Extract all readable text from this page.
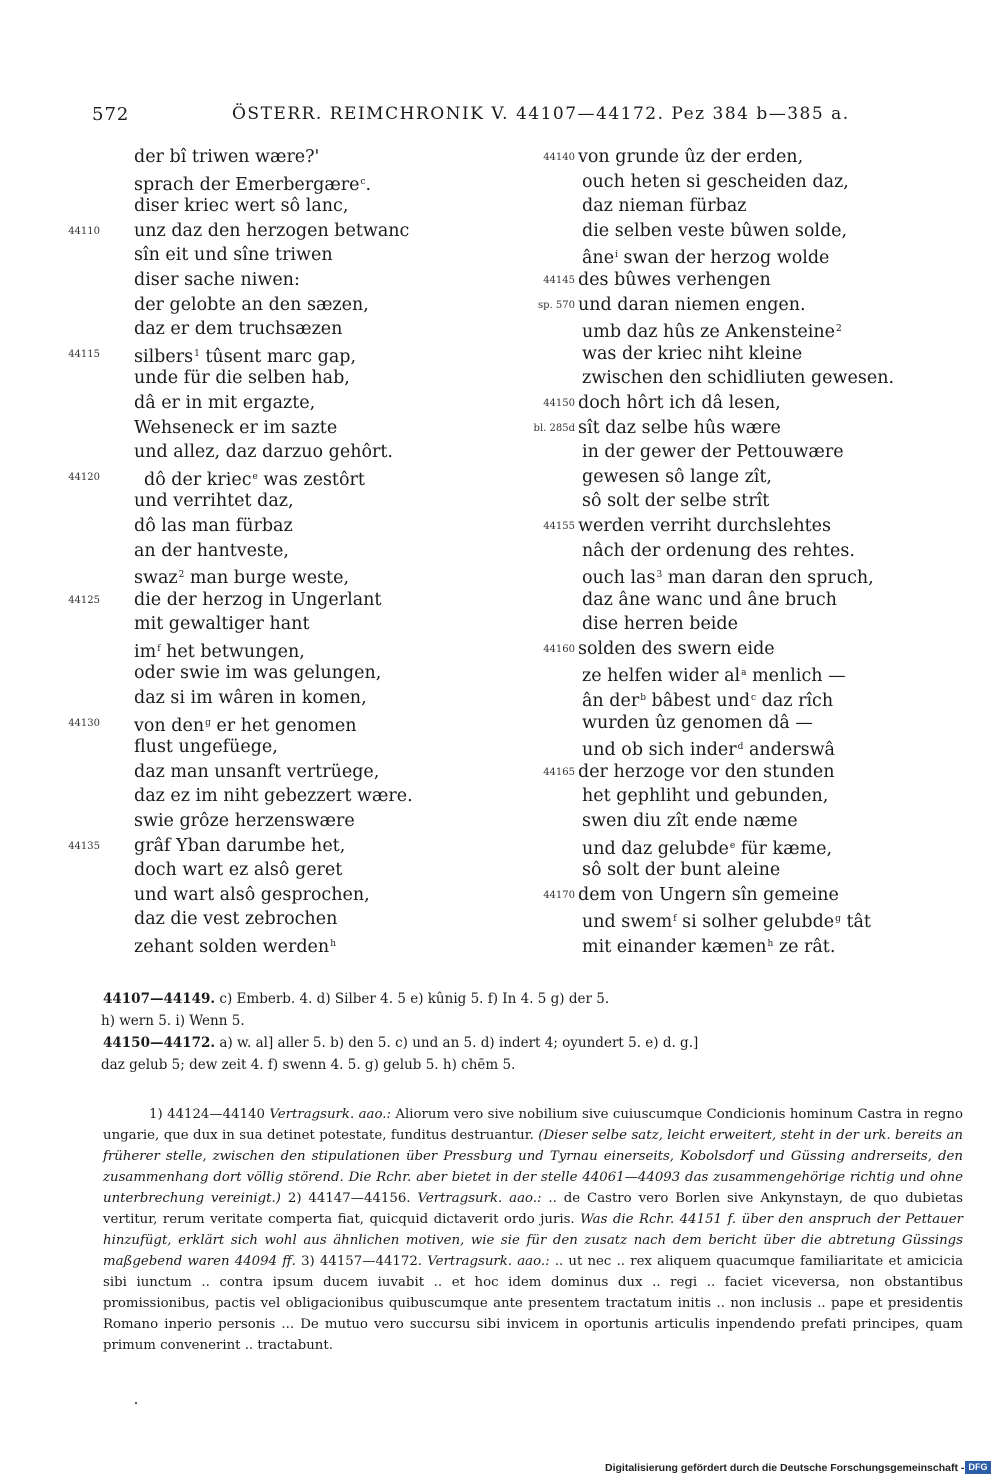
572	ÖSTERR. REIMCHRONIK V. 44107—44172. Pez 384 b—385 a.
der bî triwen wære?'
sprach der Emerbergære$^c$.
diser kriec wert sô lanc,
44110 unz daz den herzogen betwanc
sîn eit und sîne triwen
diser sache niwen:
der gelobte an den sæzen,
daz er dem truchsæzen
44115 silbers$^1$ tûsent marc gap,
unde für die selben hab,
dâ er in mit ergazte,
Wehseneck er im sazte
und allez, daz darzuo gehôrt.
44120	dô der kriec$^e$ was zestôrt
und verrihtet daz,
dô las man fürbaz
an der hantveste,
swaz$^2$ man burge weste,
44125 die der herzog in Ungerlant
mit gewaltiger hant
$im^f$ het betwungen,
oder swie im was gelungen,
daz si im wâren in komen,
44130 von den$^g$ er het genomen
flust ungefüege,
daz man unsanft vertrüege,
daz ez im niht gebezzert wære.
swie grôze herzenswære
44135 grâf Yban darumbe het,
doch wart ez alsô geret
und wart alsô gesprochen,
daz die vest zebrochen
zehant solden werden$^h$
44140 von grunde ûz der erden,
ouch heten si gescheiden daz,
daz nieman fürbaz
die selben veste bûwen solde,
âne$^i$ swan der herzog wolde
44145 des bûwes verhengen
sp. 570 und daran niemen engen.
umb daz hûs ze Ankensteine$^2$
was der kriec niht kleine
zwischen den schidliuten gewesen.
44150 doch hôrt ich dâ lesen,
bl. 285d sît daz selbe hûs wære
in der gewer der Pettouwære
gewesen sô lange zît,
sô solt der selbe strît
44155 werden verriht durchslehtes
nâch der ordenung des rehtes.
ouch las$^3$ man daran den spruch,
daz âne wanc und âne bruch
dise herren beide
44160 solden des swern eide
ze helfen wider $al^a$ menlich —
ân der$^b$ bâbest und$^c$ daz rîch
wurden ûz genomen dâ —
und ob sich inder$^d$ anderswâ
44165 der herzoge vor den stunden
het gephliht und gebunden,
swen diu zît ende næme
und daz gelubde$^e$ für kæme,
sô solt der bunt aleine
44170 dem von Ungern sîn gemeine
und swem$^f$ si solher gelubde$^g$ tât
mit einander kæmen$^h$ ze rât.
44107—44149. c) Emberb. 4. d) Silber 4. 5 e) kûnig 5. f) In 4. 5 g) der 5.
h) wern 5. i) Wenn 5.
44150—44172. a) w. al] aller 5. b) den 5. c) und an 5. d) indert 4; oyundert 5. e) d. g.]
daz gelub 5; dew zeit 4. f) swenn 4. 5. g) gelub 5. h) chēm 5.
1) 44124—44140 Vertragsurk. aao.: Aliorum vero sive nobilium sive cuiuscumque Condicionis hominum Castra in regno ungarie, que dux in sua detinet potestate, funditus destruantur. (Dieser selbe satz, leicht erweitert, steht in der urk. bereits an früherer stelle, zwischen den stipulationen über Pressburg und Tyrnau einerseits, Kobolsdorf und Güssing andrerseits, den zusammenhang dort völlig störend. Die Rchr. aber bietet in der stelle 44061—44093 das zusammengehörige richtig und ohne unterbrechung vereinigt.) 2) 44147—44156. Vertragsurk. aao.: .. de Castro vero Borlen sive Ankynstayn, de quo dubietas vertitur, rerum veritate comperta fiat, quicquid dictaverit ordo juris. Was die Rchr. 44151 f. über den anspruch der Pettauer hinzufügt, erklärt sich wohl aus ähnlichen motiven, wie sie für den zusatz nach dem bericht über die abtretung Güssings maßgebend waren 44094 ff. 3) 44157—44172. Vertragsurk. aao.: .. ut nec .. rex aliquem quacumque familiaritate et amicicia sibi iunctum .. contra ipsum ducem iuvabit .. et hoc idem dominus dux .. regi .. faciet viceversa, non obstantibus promissionibus, pactis vel obligacionibus quibuscumque ante presentem tractatum initis .. non inclusis .. pape et presidentis Romano inperio personis ... De mutuo vero succursu sibi invicem in oportunis articulis inpendendo prefati principes, quam primum convenerint .. tractabunt.
Digitalisierung gefördert durch die Deutsche Forschungsgemeinschaft - DFG
